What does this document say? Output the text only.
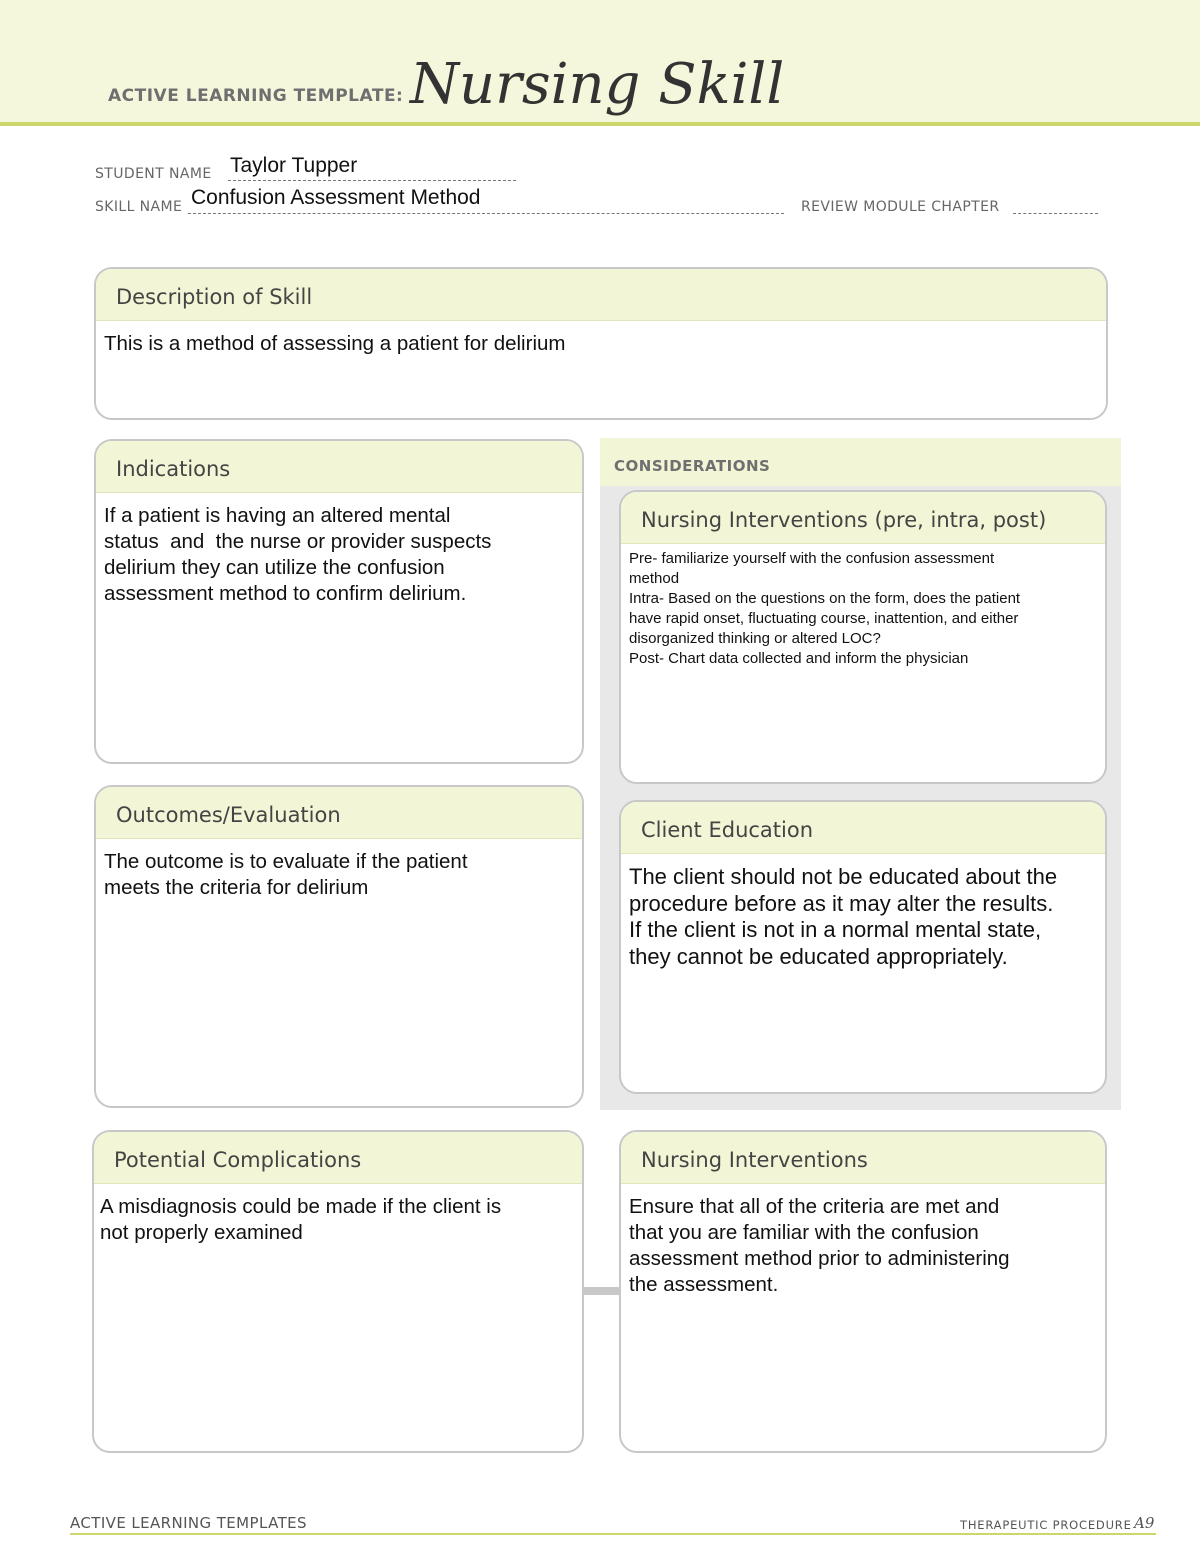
ACTIVE LEARNING TEMPLATE: Nursing Skill
STUDENT NAME Taylor Tupper
SKILL NAME Confusion Assessment Method	REVIEW MODULE CHAPTER
Description of Skill
This is a method of assessing a patient for delirium
Indications
If a patient is having an altered mental
status  and  the nurse or provider suspects
delirium they can utilize the confusion
assessment method to confirm delirium.
Outcomes/Evaluation
The outcome is to evaluate if the patient
meets the criteria for delirium
CONSIDERATIONS
Nursing Interventions (pre, intra, post)
Pre- familiarize yourself with the confusion assessment
method
Intra- Based on the questions on the form, does the patient
have rapid onset, fluctuating course, inattention, and either
disorganized thinking or altered LOC?
Post- Chart data collected and inform the physician
Client Education
The client should not be educated about the
procedure before as it may alter the results.
If the client is not in a normal mental state,
they cannot be educated appropriately.
Potential Complications
A misdiagnosis could be made if the client is
not properly examined
Nursing Interventions
Ensure that all of the criteria are met and
that you are familiar with the confusion
assessment method prior to administering
the assessment.
ACTIVE LEARNING TEMPLATES	THERAPEUTIC PROCEDURE A9
